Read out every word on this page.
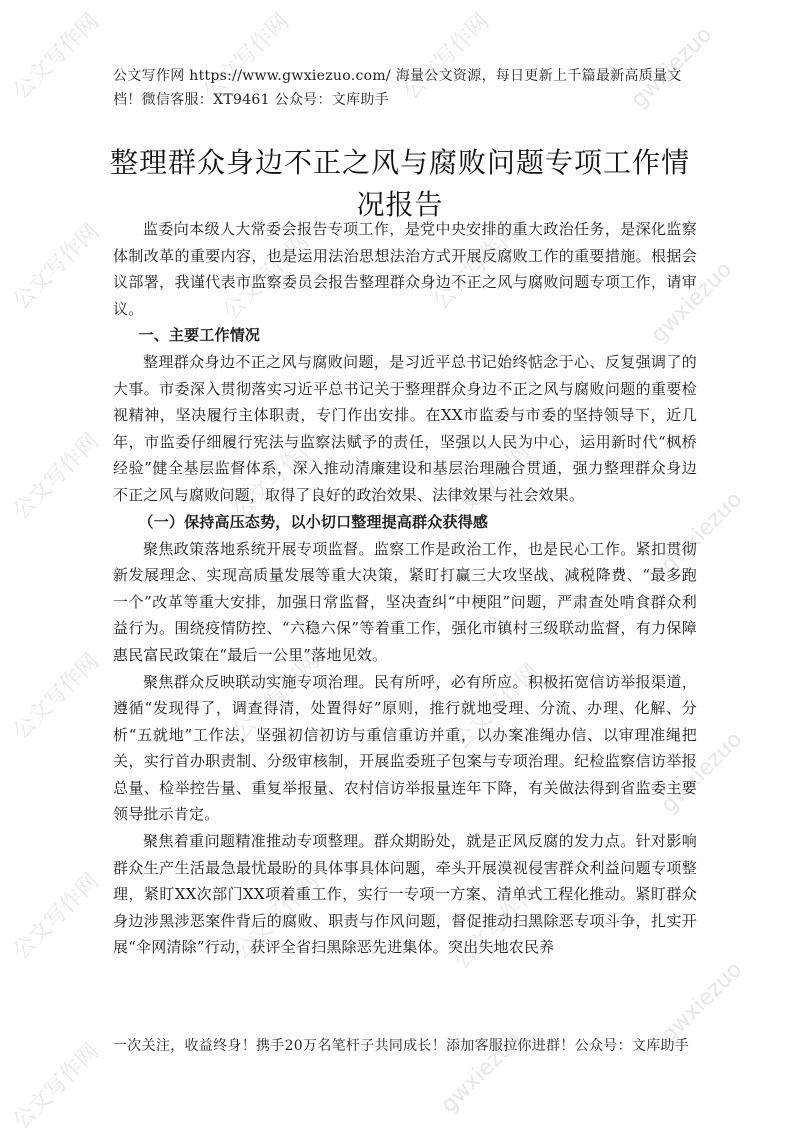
公文写作网	公文写作网	公文写作网	gwxiezuo
公文写作网	公文写作网	公文写作网	gwxiezuo
公文写作网	公文写作网	公文写作网	gwxiezuo
公文写作网	公文写作网	公文写作网
gwxiezuo
公文写作网	公文写作网	公文写作网
gwxiezuo
公文写作网	gwxiezuo
公文写作网 https://www.gwxiezuo.com/ 海量公文资源，每日更新上千篇最新高质量文档！微信客服：XT9461 公众号：文库助手
整理群众身边不正之风与腐败问题专项工作情况报告

监委向本级人大常委会报告专项工作，是党中央安排的重大政治任务，是深化监察体制改革的重要内容，也是运用法治思想法治方式开展反腐败工作的重要措施。根据会议部署，我谨代表市监察委员会报告整理群众身边不正之风与腐败问题专项工作，请审议。

一、主要工作情况

整理群众身边不正之风与腐败问题，是习近平总书记始终惦念于心、反复强调了的大事。市委深入贯彻落实习近平总书记关于整理群众身边不正之风与腐败问题的重要检视精神，坚决履行主体职责，专门作出安排。在XX市监委与市委的坚持领导下，近几年，市监委仔细履行宪法与监察法赋予的责任，坚强以人民为中心，运用新时代“枫桥经验”健全基层监督体系，深入推动清廉建设和基层治理融合贯通，强力整理群众身边不正之风与腐败问题，取得了良好的政治效果、法律效果与社会效果。

（一）保持高压态势，以小切口整理提高群众获得感

聚焦政策落地系统开展专项监督。监察工作是政治工作，也是民心工作。紧扣贯彻新发展理念、实现高质量发展等重大决策，紧盯打赢三大攻坚战、减税降费、“最多跑一个”改革等重大安排，加强日常监督，坚决查纠“中梗阻”问题，严肃查处啃食群众利益行为。围绕疫情防控、“六稳六保”等着重工作，强化市镇村三级联动监督，有力保障惠民富民政策在“最后一公里”落地见效。

聚焦群众反映联动实施专项治理。民有所呼，必有所应。积极拓宽信访举报渠道，遵循“发现得了，调查得清，处置得好”原则，推行就地受理、分流、办理、化解、分析“五就地”工作法，坚强初信初访与重信重访并重，以办案准绳办信、以审理准绳把关，实行首办职责制、分级审核制，开展监委班子包案与专项治理。纪检监察信访举报总量、检举控告量、重复举报量、农村信访举报量连年下降，有关做法得到省监委主要领导批示肯定。

聚焦着重问题精准推动专项整理。群众期盼处，就是正风反腐的发力点。针对影响群众生产生活最急最忧最盼的具体事具体问题，牵头开展漠视侵害群众利益问题专项整理，紧盯XX次部门XX项着重工作，实行一专项一方案、清单式工程化推动。紧盯群众身边涉黑涉恶案件背后的腐败、职责与作风问题，督促推动扫黑除恶专项斗争，扎实开展“伞网清除”行动，获评全省扫黑除恶先进集体。突出失地农民养

一次关注，收益终身！携手20万名笔杆子共同成长！添加客服拉你进群！公众号：文库助手
